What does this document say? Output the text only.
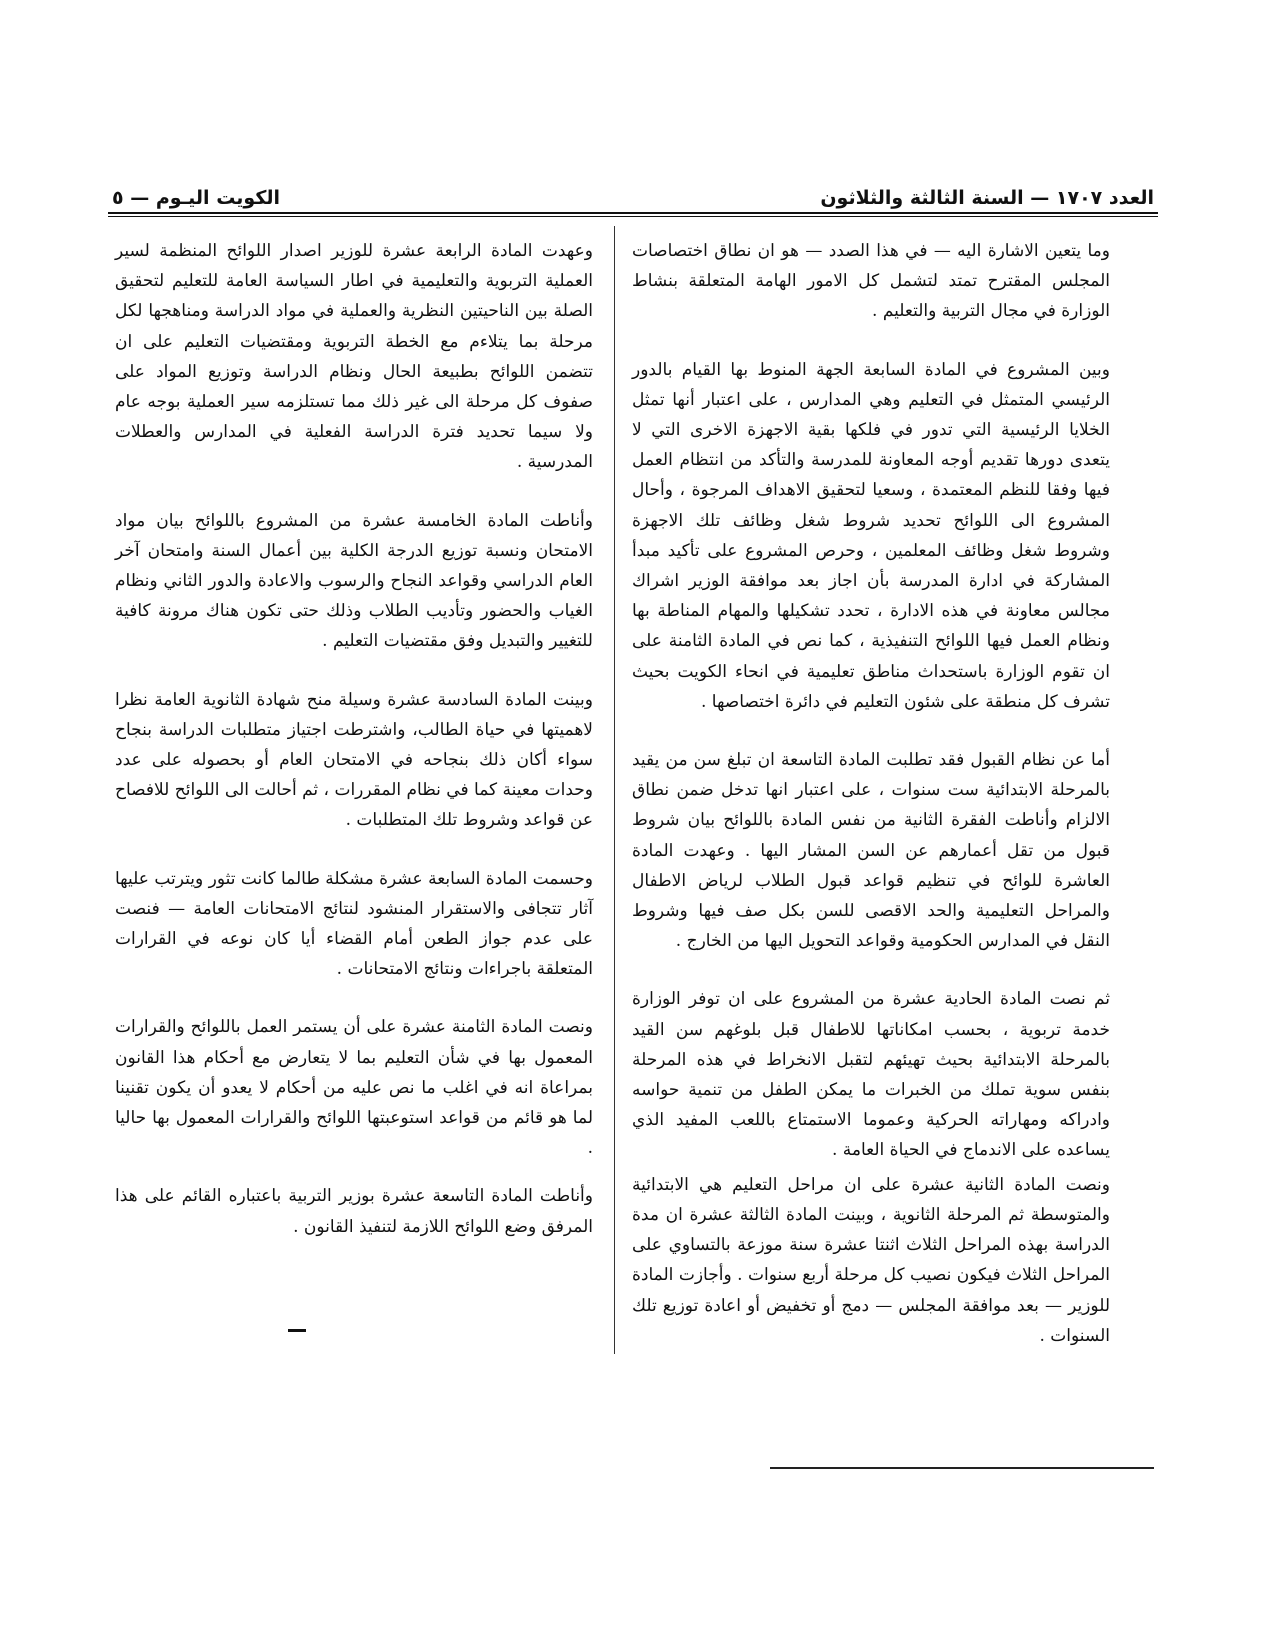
العدد ١٧٠٧ — السنة الثالثة والثلاثون
الكويت اليـوم — ٥

وما يتعين الاشارة اليه — في هذا الصدد — هو ان نطاق اختصاصات المجلس المقترح تمتد لتشمل كل الامور الهامة المتعلقة بنشاط الوزارة في مجال التربية والتعليم .

وبين المشروع في المادة السابعة الجهة المنوط بها القيام بالدور الرئيسي المتمثل في التعليم وهي المدارس ، على اعتبار أنها تمثل الخلايا الرئيسية التي تدور في فلكها بقية الاجهزة الاخرى التي لا يتعدى دورها تقديم أوجه المعاونة للمدرسة والتأكد من انتظام العمل فيها وفقا للنظم المعتمدة ، وسعيا لتحقيق الاهداف المرجوة ، وأحال المشروع الى اللوائح تحديد شروط شغل وظائف تلك الاجهزة وشروط شغل وظائف المعلمين ، وحرص المشروع على تأكيد مبدأ المشاركة في ادارة المدرسة بأن اجاز بعد موافقة الوزير اشراك مجالس معاونة في هذه الادارة ، تحدد تشكيلها والمهام المناطة بها ونظام العمل فيها اللوائح التنفيذية ، كما نص في المادة الثامنة على ان تقوم الوزارة باستحداث مناطق تعليمية في انحاء الكويت بحيث تشرف كل منطقة على شئون التعليم في دائرة اختصاصها .

أما عن نظام القبول فقد تطلبت المادة التاسعة ان تبلغ سن من يقيد بالمرحلة الابتدائية ست سنوات ، على اعتبار انها تدخل ضمن نطاق الالزام وأناطت الفقرة الثانية من نفس المادة باللوائح بيان شروط قبول من تقل أعمارهم عن السن المشار اليها . وعهدت المادة العاشرة للوائح في تنظيم قواعد قبول الطلاب لرياض الاطفال والمراحل التعليمية والحد الاقصى للسن بكل صف فيها وشروط النقل في المدارس الحكومية وقواعد التحويل اليها من الخارج .

ثم نصت المادة الحادية عشرة من المشروع على ان توفر الوزارة خدمة تربوية ، بحسب امكاناتها للاطفال قبل بلوغهم سن القيد بالمرحلة الابتدائية بحيث تهيئهم لتقبل الانخراط في هذه المرحلة بنفس سوية تملك من الخبرات ما يمكن الطفل من تنمية حواسه وادراكه ومهاراته الحركية وعموما الاستمتاع باللعب المفيد الذي يساعده على الاندماج في الحياة العامة .

ونصت المادة الثانية عشرة على ان مراحل التعليم هي الابتدائية والمتوسطة ثم المرحلة الثانوية ، وبينت المادة الثالثة عشرة ان مدة الدراسة بهذه المراحل الثلاث اثنتا عشرة سنة موزعة بالتساوي على المراحل الثلاث فيكون نصيب كل مرحلة أربع سنوات . وأجازت المادة للوزير — بعد موافقة المجلس — دمج أو تخفيض أو اعادة توزيع تلك السنوات .

وعهدت المادة الرابعة عشرة للوزير اصدار اللوائح المنظمة لسير العملية التربوية والتعليمية في اطار السياسة العامة للتعليم لتحقيق الصلة بين الناحيتين النظرية والعملية في مواد الدراسة ومناهجها لكل مرحلة بما يتلاءم مع الخطة التربوية ومقتضيات التعليم على ان تتضمن اللوائح بطبيعة الحال ونظام الدراسة وتوزيع المواد على صفوف كل مرحلة الى غير ذلك مما تستلزمه سير العملية بوجه عام ولا سيما تحديد فترة الدراسة الفعلية في المدارس والعطلات المدرسية .

وأناطت المادة الخامسة عشرة من المشروع باللوائح بيان مواد الامتحان ونسبة توزيع الدرجة الكلية بين أعمال السنة وامتحان آخر العام الدراسي وقواعد النجاح والرسوب والاعادة والدور الثاني ونظام الغياب والحضور وتأديب الطلاب وذلك حتى تكون هناك مرونة كافية للتغيير والتبديل وفق مقتضيات التعليم .

وبينت المادة السادسة عشرة وسيلة منح شهادة الثانوية العامة نظرا لاهميتها في حياة الطالب، واشترطت اجتياز متطلبات الدراسة بنجاح سواء أكان ذلك بنجاحه في الامتحان العام أو بحصوله على عدد وحدات معينة كما في نظام المقررات ، ثم أحالت الى اللوائح للافصاح عن قواعد وشروط تلك المتطلبات .

وحسمت المادة السابعة عشرة مشكلة طالما كانت تثور ويترتب عليها آثار تتجافى والاستقرار المنشود لنتائج الامتحانات العامة — فنصت على عدم جواز الطعن أمام القضاء أيا كان نوعه في القرارات المتعلقة باجراءات ونتائج الامتحانات .

ونصت المادة الثامنة عشرة على أن يستمر العمل باللوائح والقرارات المعمول بها في شأن التعليم بما لا يتعارض مع أحكام هذا القانون بمراعاة انه في اغلب ما نص عليه من أحكام لا يعدو أن يكون تقنينا لما هو قائم من قواعد استوعبتها اللوائح والقرارات المعمول بها حاليا .

وأناطت المادة التاسعة عشرة بوزير التربية باعتباره القائم على هذا المرفق وضع اللوائح اللازمة لتنفيذ القانون .
